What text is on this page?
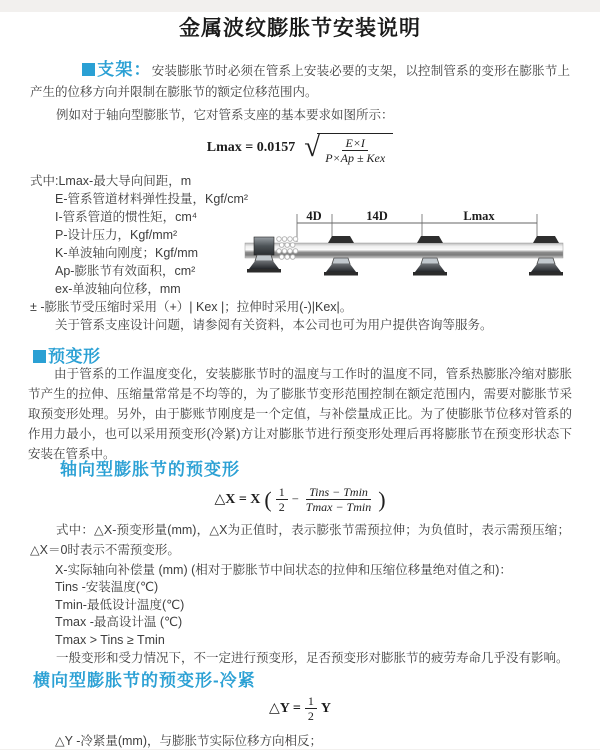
金属波纹膨胀节安装说明

支架：安装膨胀节时必须在管系上安装必要的支架，以控制管系的变形在膨胀节上产生的位移方向并限制在膨胀节的额定位移范围内。

例如对于轴向型膨胀节，它对管系支座的基本要求如图所示：

Lmax = 0.0157 √ $\frac{E\times I}{\text{P×Ap ± Kex}}$
式中:Lmax-最大导向间距，m
E-管系管道材料弹性投量，Kgf/cm²
I-管系管道的惯性矩，cm⁴
P-设计压力，Kgf/mm²
K-单波轴向刚度；Kgf/mm
Ap-膨胀节有效面积，cm²
ex-单波轴向位移，mm
± -膨胀节受压缩时采用（+）| Kex |；拉伸时采用(-)|Kex|。
关于管系支座设计问题，请参阅有关资料，本公司也可为用户提供咨询等服务。
4D	14D	Lmax
预变形

由于管系的工作温度变化，安装膨胀节时的温度与工作时的温度不同，管系热膨胀冷缩对膨胀节产生的拉伸、压缩量常常是不均等的，为了膨胀节变形范围控制在额定范围内，需要对膨胀节采取预变形处理。另外，由于膨账节刚度是一个定值，与补偿量成正比。为了使膨胀节位移对管系的作用力最小，也可以采用预变形(冷紧)方让对膨胀节进行预变形处理后再将膨胀节在预变形状态下安装在管系中。

轴向型膨胀节的预变形
△X = X ( $\frac{1}{2} - \frac{\text{Tins − Tmin}}{Tmax - Tmin}$ )

式中：△X-预变形量(mm)，△X为正值时，表示膨张节需预拉伸；为负值时，表示需预压缩；△X＝0时表示不需预变形。

X-实际轴向补偿量 (mm) (相对于膨胀节中间状态的拉伸和压缩位移量绝对值之和)：
Tins -安装温度(℃)
Tmin-最低设计温度(℃)
Tmax -最高设计温 (℃)
Tmax > Tins ≥ Tmin

一般变形和受力情况下，不一定进行预变形，足否预变形对膨胀节的疲劳寿命几乎没有影响。

横向型膨胀节的预变形-冷紧
△Y = $\frac{1}{2}$ Y

△Y -冷紧量(mm)，与膨胀节实际位移方向相反；
